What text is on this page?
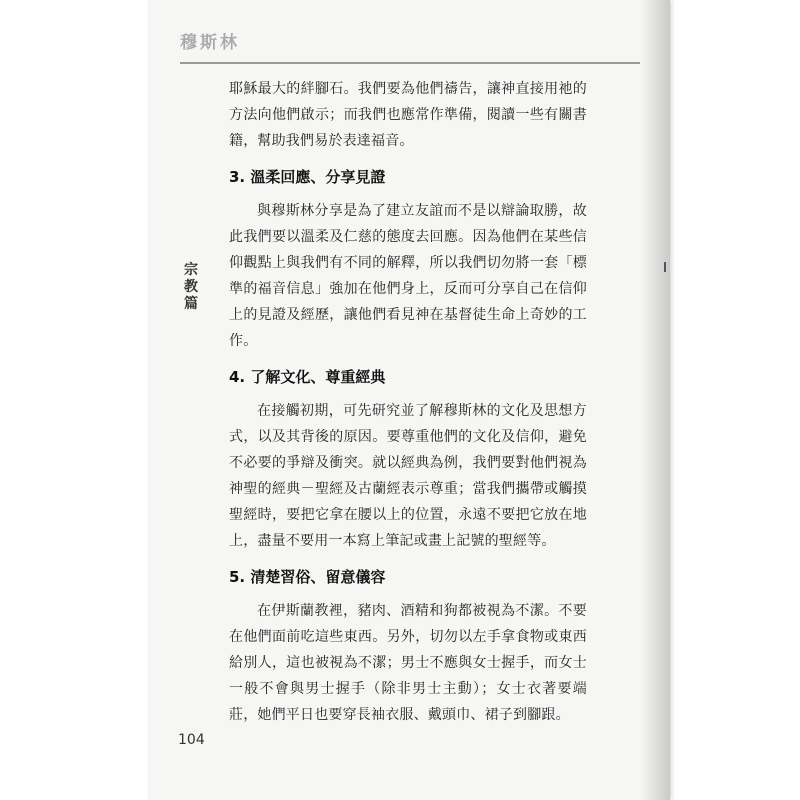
穆斯林
宗教篇

耶穌最大的絆腳石。我們要為他們禱告，讓神直接用祂的方法向他們啟示；而我們也應常作準備，閱讀一些有關書籍，幫助我們易於表達福音。

3. 溫柔回應、分享見證

與穆斯林分享是為了建立友誼而不是以辯論取勝，故此我們要以溫柔及仁慈的態度去回應。因為他們在某些信仰觀點上與我們有不同的解釋，所以我們切勿將一套「標準的福音信息」強加在他們身上，反而可分享自己在信仰上的見證及經歷，讓他們看見神在基督徒生命上奇妙的工作。

4. 了解文化、尊重經典

在接觸初期，可先研究並了解穆斯林的文化及思想方式，以及其背後的原因。要尊重他們的文化及信仰，避免不必要的爭辯及衝突。就以經典為例，我們要對他們視為神聖的經典－聖經及古蘭經表示尊重；當我們攜帶或觸摸聖經時，要把它拿在腰以上的位置，永遠不要把它放在地上，盡量不要用一本寫上筆記或畫上記號的聖經等。

5. 清楚習俗、留意儀容

在伊斯蘭教裡，豬肉、酒精和狗都被視為不潔。不要在他們面前吃這些東西。另外，切勿以左手拿食物或東西給別人，這也被視為不潔；男士不應與女士握手，而女士一般不會與男士握手（除非男士主動）；女士衣著要端莊，她們平日也要穿長袖衣服、戴頭巾、裙子到腳跟。

104
